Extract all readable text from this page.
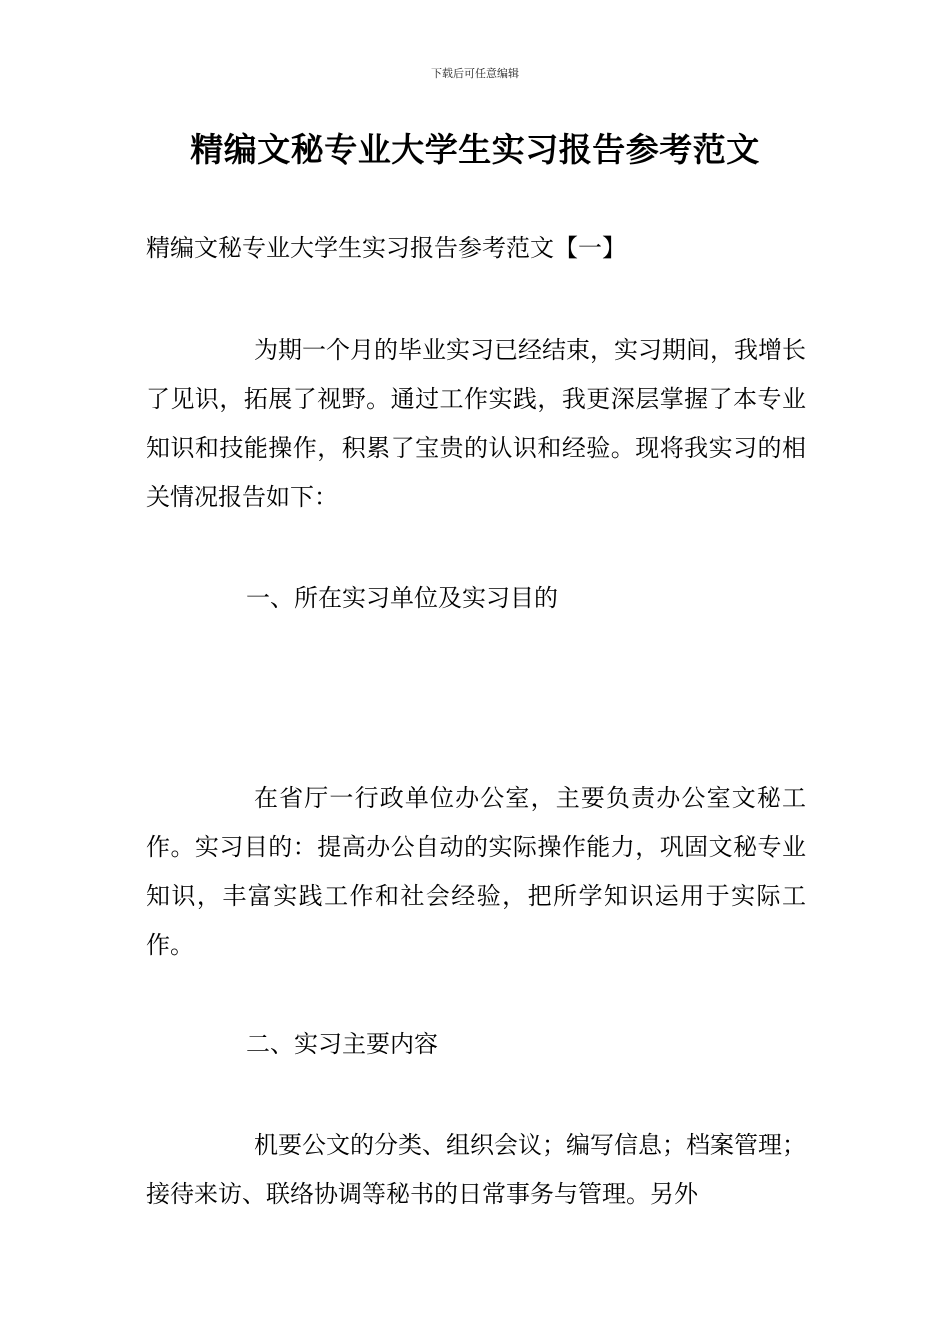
下载后可任意编辑
精编文秘专业大学生实习报告参考范文

精编文秘专业大学生实习报告参考范文【一】

为期一个月的毕业实习已经结束，实习期间，我增长了见识，拓展了视野。通过工作实践，我更深层掌握了本专业知识和技能操作，积累了宝贵的认识和经验。现将我实习的相关情况报告如下：

一、所在实习单位及实习目的

在省厅一行政单位办公室，主要负责办公室文秘工作。实习目的：提高办公自动的实际操作能力，巩固文秘专业知识，丰富实践工作和社会经验，把所学知识运用于实际工作。

二、实习主要内容

机要公文的分类、组织会议；编写信息；档案管理；接待来访、联络协调等秘书的日常事务与管理。另外
